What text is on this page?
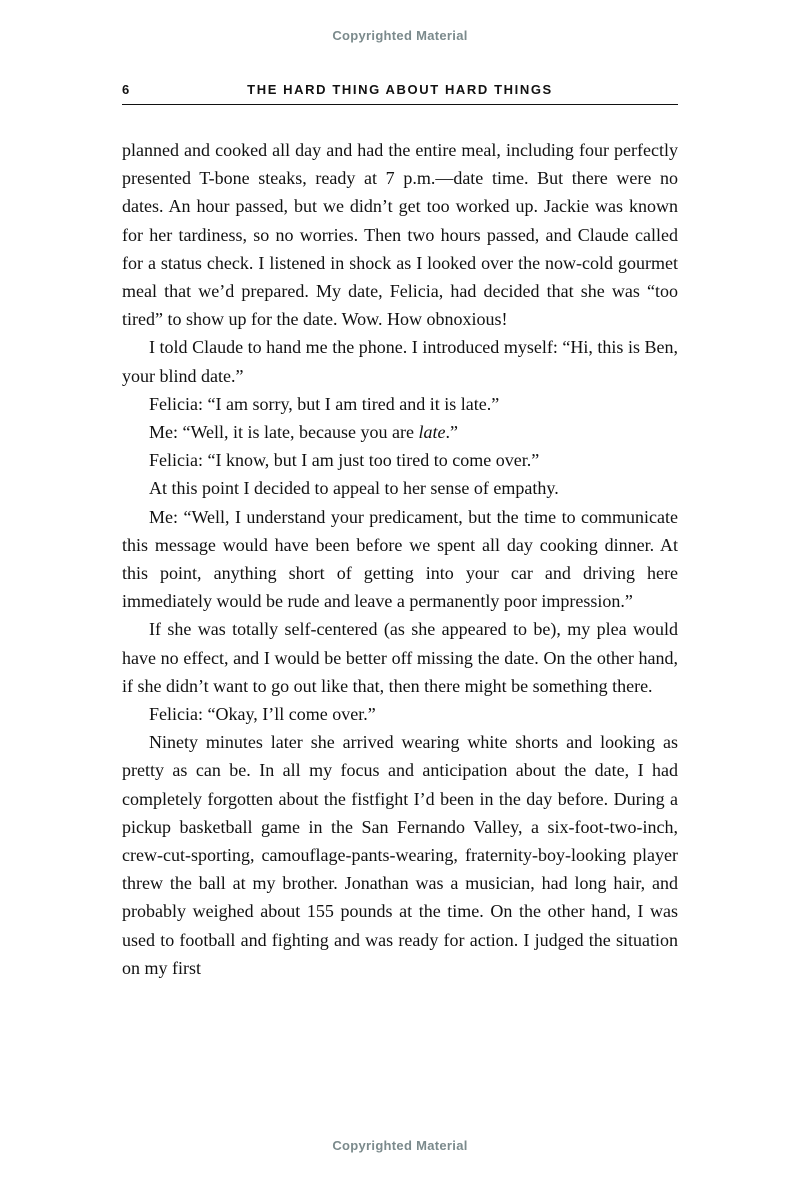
Copyrighted Material
6	THE HARD THING ABOUT HARD THINGS

planned and cooked all day and had the entire meal, including four perfectly presented T-bone steaks, ready at 7 p.m.—date time. But there were no dates. An hour passed, but we didn’t get too worked up. Jackie was known for her tardiness, so no worries. Then two hours passed, and Claude called for a status check. I listened in shock as I looked over the now-cold gourmet meal that we’d prepared. My date, Felicia, had decided that she was “too tired” to show up for the date. Wow. How obnoxious!

I told Claude to hand me the phone. I introduced myself: “Hi, this is Ben, your blind date.”

Felicia: “I am sorry, but I am tired and it is late.”

Me: “Well, it is late, because you are late.”

Felicia: “I know, but I am just too tired to come over.”

At this point I decided to appeal to her sense of empathy.

Me: “Well, I understand your predicament, but the time to communicate this message would have been before we spent all day cooking dinner. At this point, anything short of getting into your car and driving here immediately would be rude and leave a permanently poor impression.”

If she was totally self-centered (as she appeared to be), my plea would have no effect, and I would be better off missing the date. On the other hand, if she didn’t want to go out like that, then there might be something there.

Felicia: “Okay, I’ll come over.”

Ninety minutes later she arrived wearing white shorts and looking as pretty as can be. In all my focus and anticipation about the date, I had completely forgotten about the fistfight I’d been in the day before. During a pickup basketball game in the San Fernando Valley, a six-foot-two-inch, crew-cut-sporting, camouflage-pants-wearing, fraternity-boy-looking player threw the ball at my brother. Jonathan was a musician, had long hair, and probably weighed about 155 pounds at the time. On the other hand, I was used to football and fighting and was ready for action. I judged the situation on my first

Copyrighted Material
